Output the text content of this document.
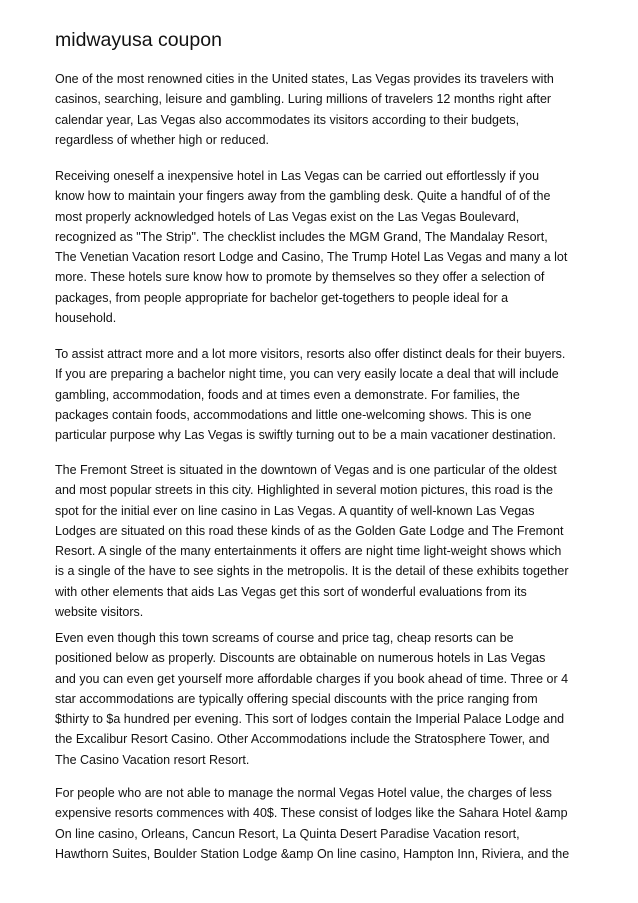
midwayusa coupon

One of the most renowned cities in the United states, Las Vegas provides its travelers with
casinos, searching, leisure and gambling. Luring millions of travelers 12 months right after
calendar year, Las Vegas also accommodates its visitors according to their budgets,
regardless of whether high or reduced.

Receiving oneself a inexpensive hotel in Las Vegas can be carried out effortlessly if you
know how to maintain your fingers away from the gambling desk. Quite a handful of of the
most properly acknowledged hotels of Las Vegas exist on the Las Vegas Boulevard,
recognized as "The Strip". The checklist includes the MGM Grand, The Mandalay Resort,
The Venetian Vacation resort Lodge and Casino, The Trump Hotel Las Vegas and many a lot
more. These hotels sure know how to promote by themselves so they offer a selection of
packages, from people appropriate for bachelor get-togethers to people ideal for a
household.

To assist attract more and a lot more visitors, resorts also offer distinct deals for their buyers.
If you are preparing a bachelor night time, you can very easily locate a deal that will include
gambling, accommodation, foods and at times even a demonstrate. For families, the
packages contain foods, accommodations and little one-welcoming shows. This is one
particular purpose why Las Vegas is swiftly turning out to be a main vacationer destination.

The Fremont Street is situated in the downtown of Vegas and is one particular of the oldest
and most popular streets in this city. Highlighted in several motion pictures, this road is the
spot for the initial ever on line casino in Las Vegas. A quantity of well-known Las Vegas
Lodges are situated on this road these kinds of as the Golden Gate Lodge and The Fremont
Resort. A single of the many entertainments it offers are night time light-weight shows which
is a single of the have to see sights in the metropolis. It is the detail of these exhibits together
with other elements that aids Las Vegas get this sort of wonderful evaluations from its
website visitors.

Even even though this town screams of course and price tag, cheap resorts can be
positioned below as properly. Discounts are obtainable on numerous hotels in Las Vegas
and you can even get yourself more affordable charges if you book ahead of time. Three or 4
star accommodations are typically offering special discounts with the price ranging from
$thirty to $a hundred per evening. This sort of lodges contain the Imperial Palace Lodge and
the Excalibur Resort Casino. Other Accommodations include the Stratosphere Tower, and
The Casino Vacation resort Resort.

For people who are not able to manage the normal Vegas Hotel value, the charges of less
expensive resorts commences with 40$. These consist of lodges like the Sahara Hotel &amp
On line casino, Orleans, Cancun Resort, La Quinta Desert Paradise Vacation resort,
Hawthorn Suites, Boulder Station Lodge &amp On line casino, Hampton Inn, Riviera, and the
